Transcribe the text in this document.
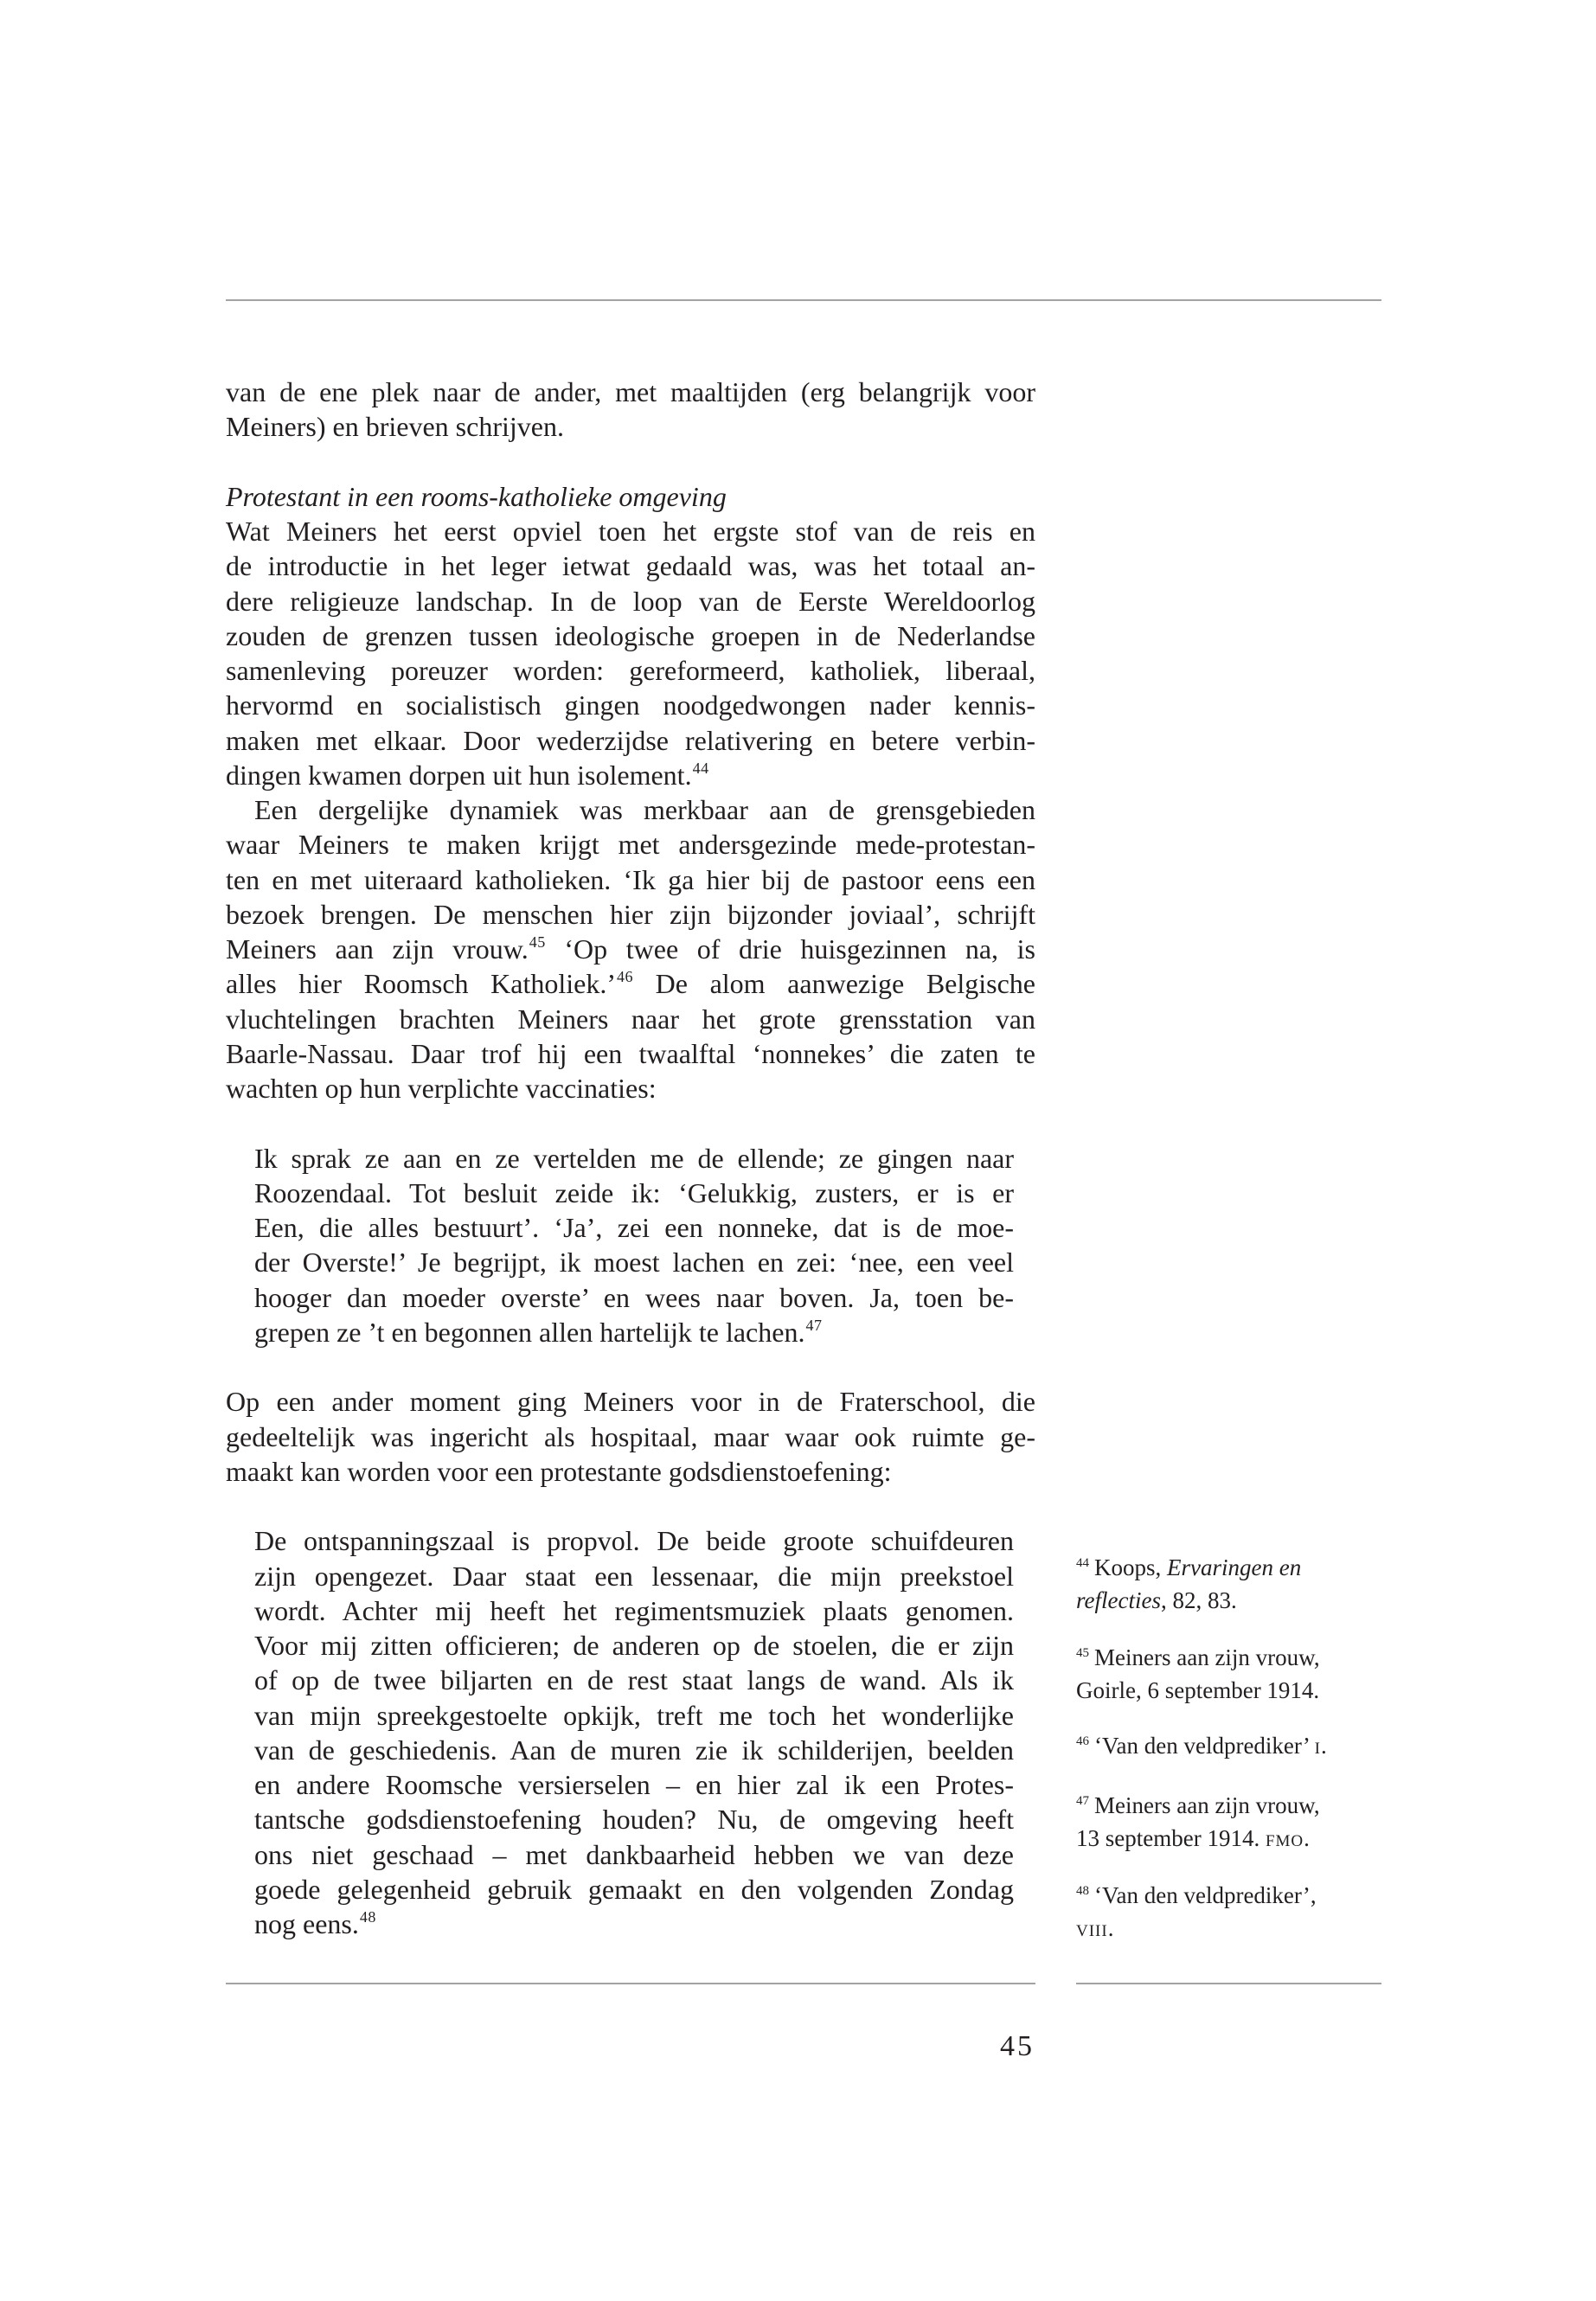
van de ene plek naar de ander, met maaltijden (erg belangrijk voor
Meiners) en brieven schrijven.
Protestant in een rooms-katholieke omgeving
Wat Meiners het eerst opviel toen het ergste stof van de reis en
de introductie in het leger ietwat gedaald was, was het totaal an-
dere religieuze landschap. In de loop van de Eerste Wereldoorlog
zouden de grenzen tussen ideologische groepen in de Nederlandse
samenleving poreuzer worden: gereformeerd, katholiek, liberaal,
hervormd en socialistisch gingen noodgedwongen nader kennis-
maken met elkaar. Door wederzijdse relativering en betere verbin-
dingen kwamen dorpen uit hun isolement.$^{44}$
Een dergelijke dynamiek was merkbaar aan de grensgebieden
waar Meiners te maken krijgt met andersgezinde mede-protestan-
ten en met uiteraard katholieken. ‘Ik ga hier bij de pastoor eens een
bezoek brengen. De menschen hier zijn bijzonder joviaal’, schrijft
Meiners aan zijn vrouw.$^{45}$ ‘Op twee of drie huisgezinnen na, is
alles hier Roomsch Katholiek.’$^{46}$ De alom aanwezige Belgische
vluchtelingen brachten Meiners naar het grote grensstation van
Baarle-Nassau. Daar trof hij een twaalftal ‘nonnekes’ die zaten te
wachten op hun verplichte vaccinaties:
Ik sprak ze aan en ze vertelden me de ellende; ze gingen naar
Roozendaal. Tot besluit zeide ik: ‘Gelukkig, zusters, er is er
Een, die alles bestuurt’. ‘Ja’, zei een nonneke, dat is de moe-
der Overste!’ Je begrijpt, ik moest lachen en zei: ‘nee, een veel
hooger dan moeder overste’ en wees naar boven. Ja, toen be-
grepen ze ’t en begonnen allen hartelijk te lachen.$^{47}$
Op een ander moment ging Meiners voor in de Fraterschool, die
gedeeltelijk was ingericht als hospitaal, maar waar ook ruimte ge-
maakt kan worden voor een protestante godsdienstoefening:
De ontspanningszaal is propvol. De beide groote schuifdeuren
zijn opengezet. Daar staat een lessenaar, die mijn preekstoel
wordt. Achter mij heeft het regimentsmuziek plaats genomen.
Voor mij zitten officieren; de anderen op de stoelen, die er zijn
of op de twee biljarten en de rest staat langs de wand. Als ik
van mijn spreekgestoelte opkijk, treft me toch het wonderlijke
van de geschiedenis. Aan de muren zie ik schilderijen, beelden
en andere Roomsche versierselen – en hier zal ik een Protes-
tantsche godsdienstoefening houden? Nu, de omgeving heeft
ons niet geschaad – met dankbaarheid hebben we van deze
goede gelegenheid gebruik gemaakt en den volgenden Zondag
nog eens.$^{48}$
$^{44}$ Koops, Ervaringen en
reflecties, 82, 83.
$^{45}$ Meiners aan zijn vrouw,
Goirle, 6 september 1914.
$^{46}$ ‘Van den veldprediker’ i.
$^{47}$ Meiners aan zijn vrouw,
13 september 1914. fmo.
$^{48}$ ‘Van den veldprediker’,
viii.
45
